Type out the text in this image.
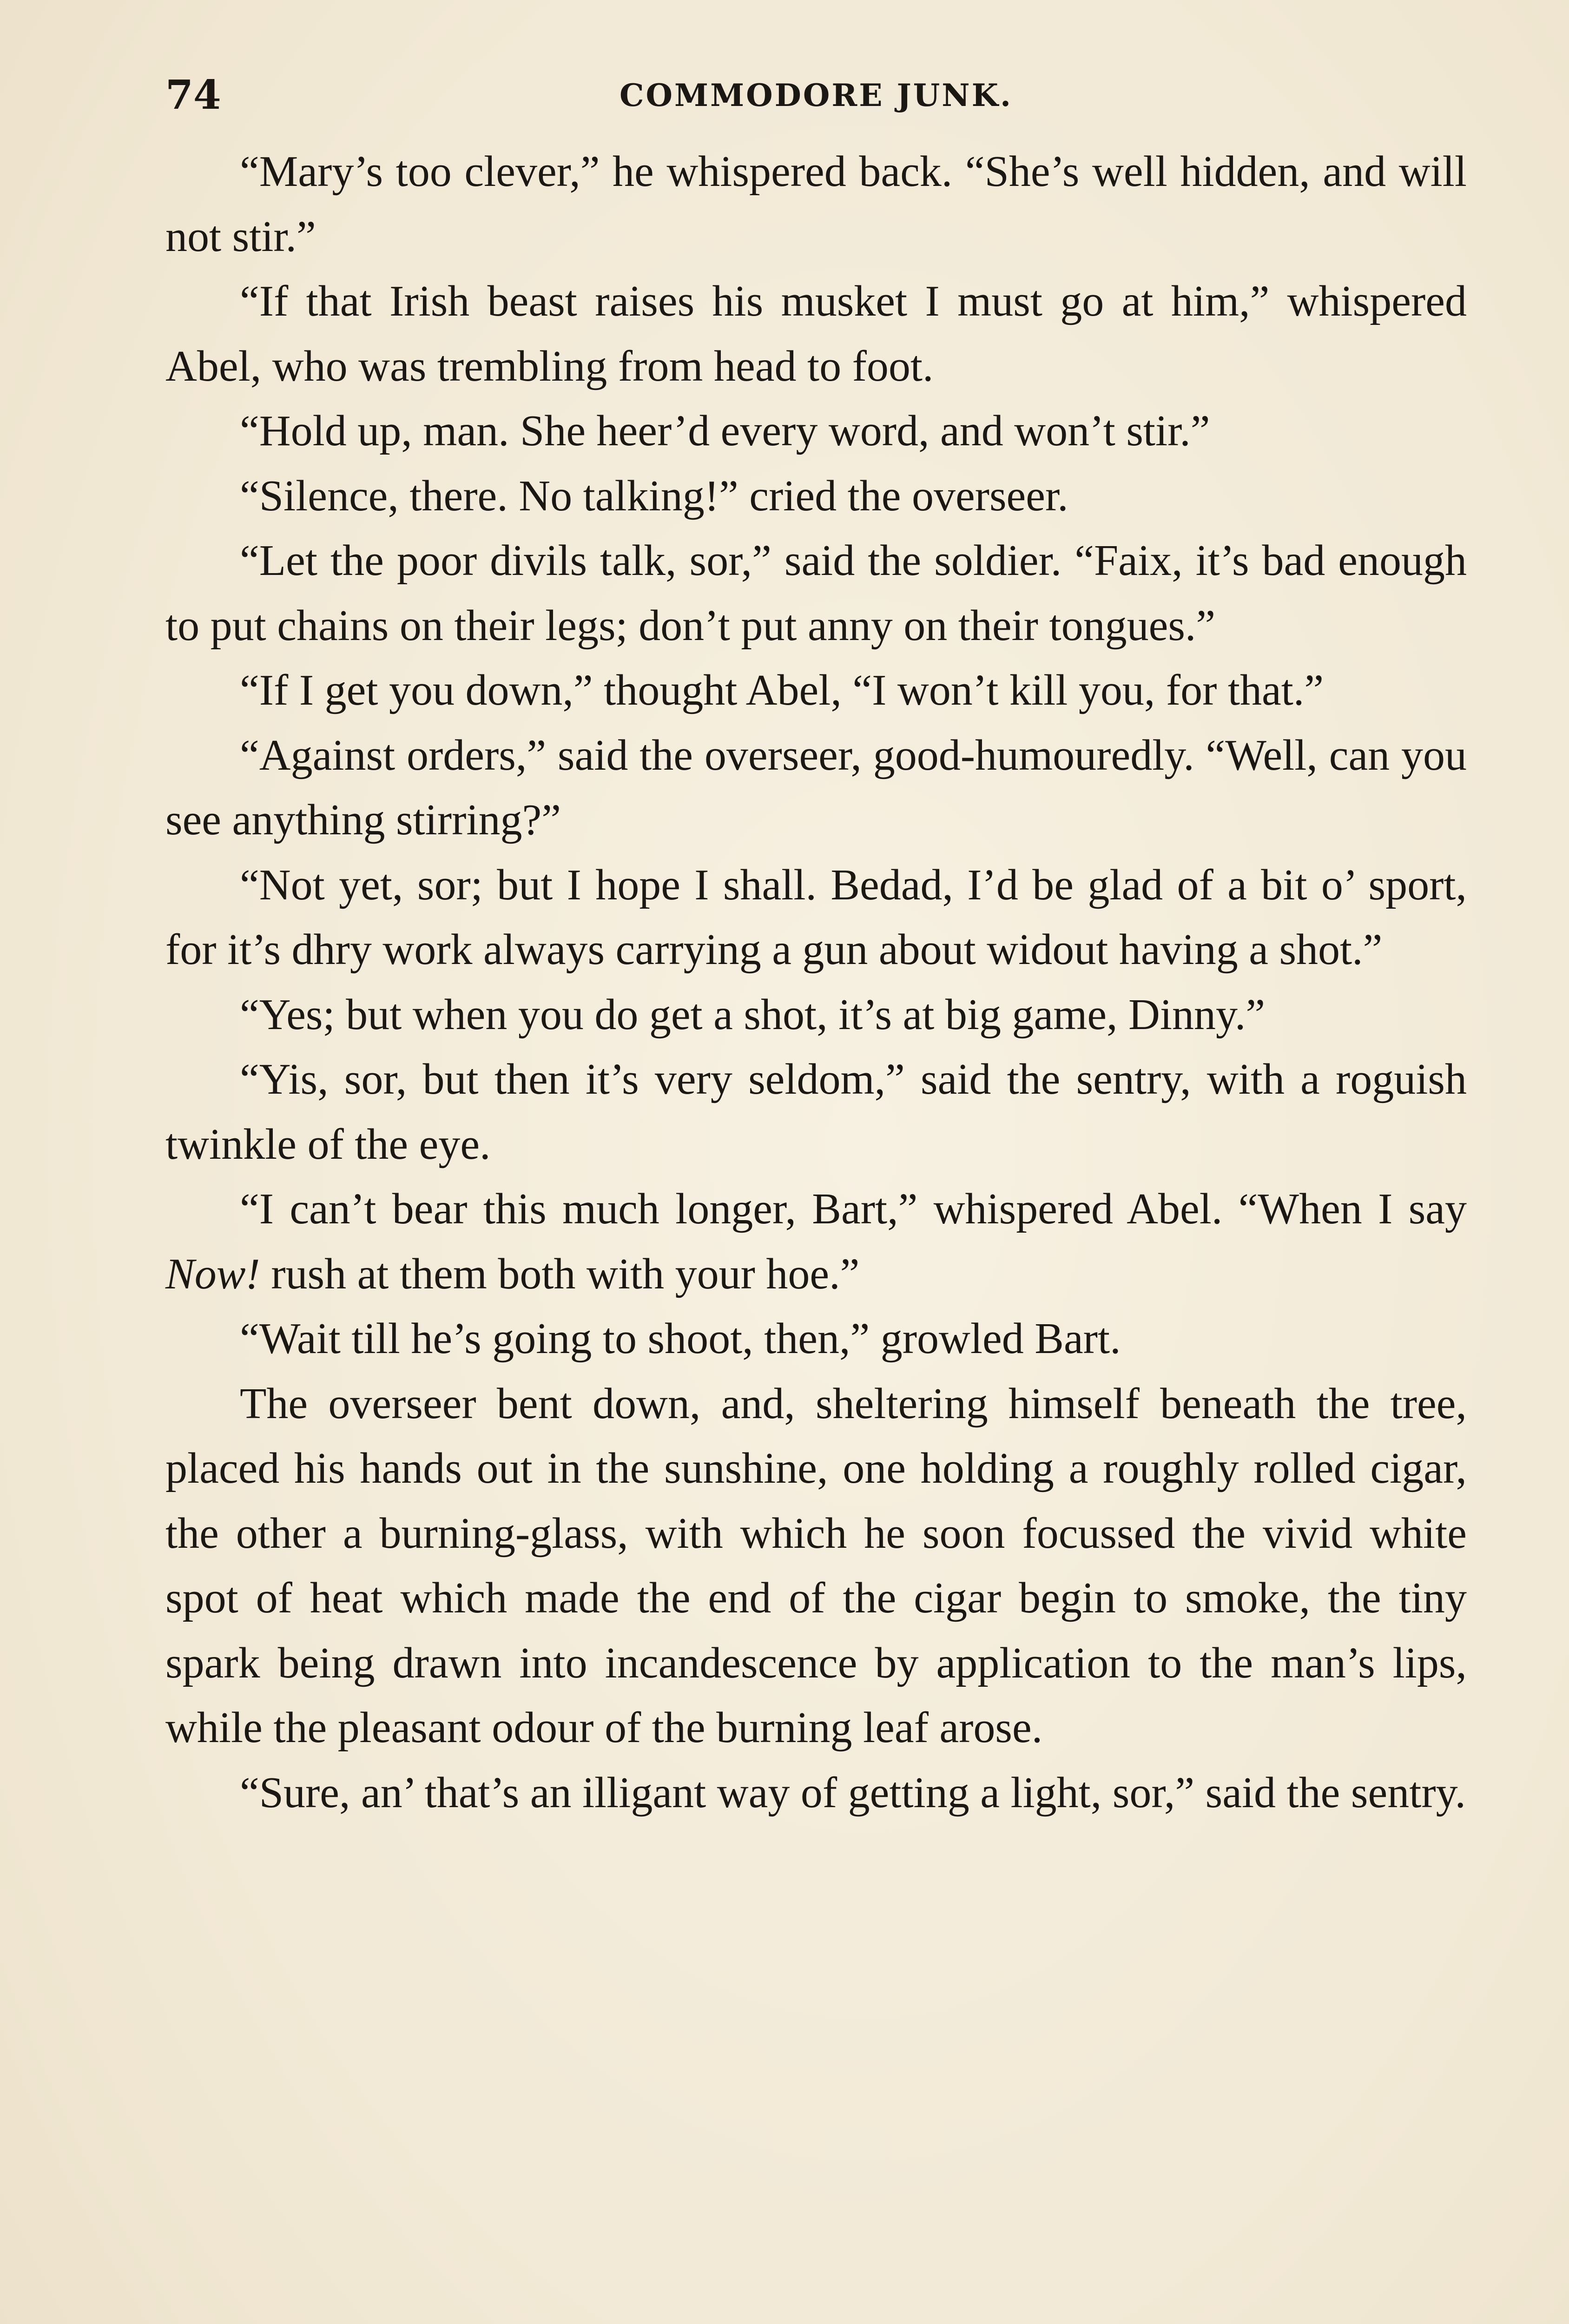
74	COMMODORE JUNK.

“Mary’s too clever,” he whispered back. “She’s well hidden, and will not stir.”

“If that Irish beast raises his musket I must go at him,” whispered Abel, who was trembling from head to foot.

“Hold up, man. She heer’d every word, and won’t stir.”

“Silence, there. No talking!” cried the overseer.

“Let the poor divils talk, sor,” said the soldier. “Faix, it’s bad enough to put chains on their legs; don’t put anny on their tongues.”

“If I get you down,” thought Abel, “I won’t kill you, for that.”

“Against orders,” said the overseer, good-humouredly. “Well, can you see anything stirring?”

“Not yet, sor; but I hope I shall. Bedad, I’d be glad of a bit o’ sport, for it’s dhry work always carrying a gun about widout having a shot.”

“Yes; but when you do get a shot, it’s at big game, Dinny.”

“Yis, sor, but then it’s very seldom,” said the sentry, with a roguish twinkle of the eye.

“I can’t bear this much longer, Bart,” whispered Abel. “When I say Now! rush at them both with your hoe.”

“Wait till he’s going to shoot, then,” growled Bart.

The overseer bent down, and, sheltering himself beneath the tree, placed his hands out in the sunshine, one holding a roughly rolled cigar, the other a burning-glass, with which he soon focussed the vivid white spot of heat which made the end of the cigar begin to smoke, the tiny spark being drawn into incandescence by application to the man’s lips, while the pleasant odour of the burning leaf arose.

“Sure, an’ that’s an illigant way of getting a light, sor,” said the sentry.
